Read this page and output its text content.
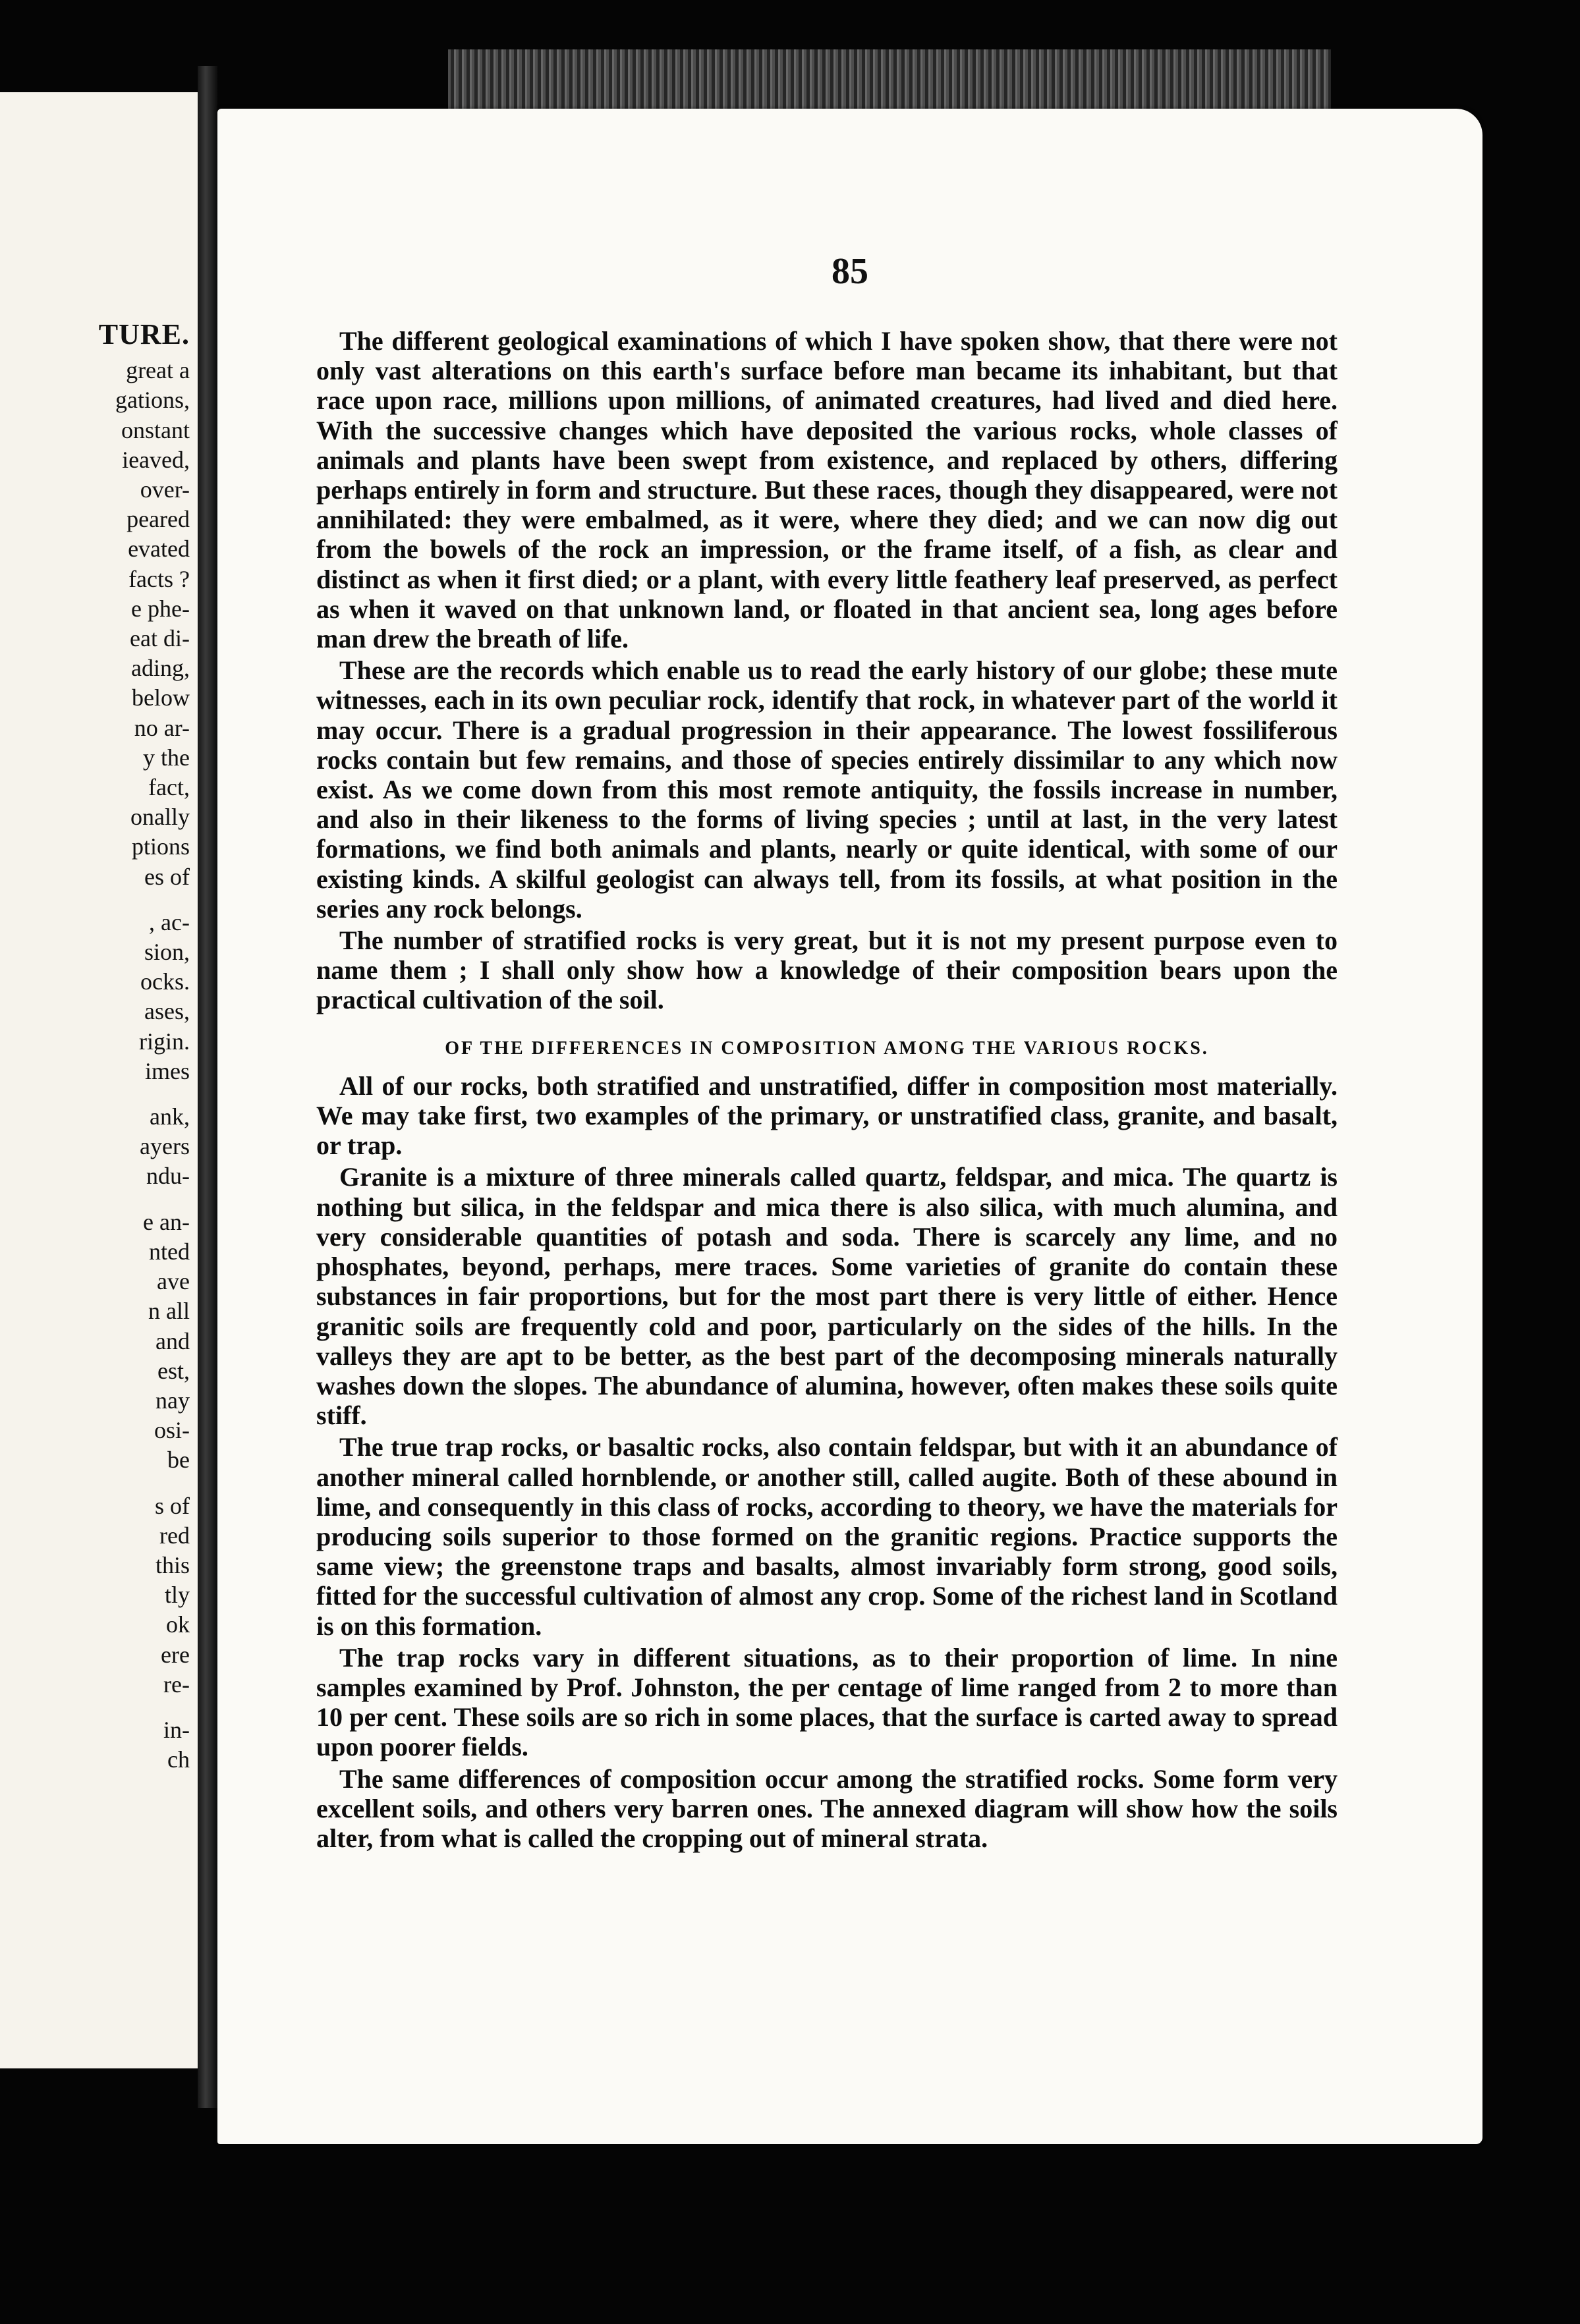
TURE.
great a
gations,
onstant
ieaved,
over-
peared
evated
facts ?
e phe-
eat di-
ading,
below
no ar-
y the
fact,
onally
ptions
es of
, ac-
sion,
ocks.
ases,
rigin.
imes
ank,
ayers
ndu-
e an-
nted
ave
n all
and
est,
nay
osi-
be
s of
red
this
tly
ok
ere
re-
in-
ch
85

The different geological examinations of which I have spoken show, that there were not only vast alterations on this earth's surface before man became its inhabitant, but that race upon race, millions upon millions, of animated creatures, had lived and died here. With the successive changes which have deposited the various rocks, whole classes of animals and plants have been swept from existence, and replaced by others, differing perhaps entirely in form and structure. But these races, though they disappeared, were not annihilated: they were embalmed, as it were, where they died; and we can now dig out from the bowels of the rock an impression, or the frame itself, of a fish, as clear and distinct as when it first died; or a plant, with every little feathery leaf preserved, as perfect as when it waved on that unknown land, or floated in that ancient sea, long ages before man drew the breath of life.

These are the records which enable us to read the early history of our globe; these mute witnesses, each in its own peculiar rock, identify that rock, in whatever part of the world it may occur. There is a gradual progression in their appearance. The lowest fossiliferous rocks contain but few remains, and those of species entirely dissimilar to any which now exist. As we come down from this most remote antiquity, the fossils increase in number, and also in their likeness to the forms of living species ; until at last, in the very latest formations, we find both animals and plants, nearly or quite identical, with some of our existing kinds. A skilful geologist can always tell, from its fossils, at what position in the series any rock belongs.

The number of stratified rocks is very great, but it is not my present purpose even to name them ; I shall only show how a knowledge of their composition bears upon the practical cultivation of the soil.

OF THE DIFFERENCES IN COMPOSITION AMONG THE VARIOUS ROCKS.

All of our rocks, both stratified and unstratified, differ in composition most materially. We may take first, two examples of the primary, or unstratified class, granite, and basalt, or trap.

Granite is a mixture of three minerals called quartz, feldspar, and mica. The quartz is nothing but silica, in the feldspar and mica there is also silica, with much alumina, and very considerable quantities of potash and soda. There is scarcely any lime, and no phosphates, beyond, perhaps, mere traces. Some varieties of granite do contain these substances in fair proportions, but for the most part there is very little of either. Hence granitic soils are frequently cold and poor, particularly on the sides of the hills. In the valleys they are apt to be better, as the best part of the decomposing minerals naturally washes down the slopes. The abundance of alumina, however, often makes these soils quite stiff.

The true trap rocks, or basaltic rocks, also contain feldspar, but with it an abundance of another mineral called hornblende, or another still, called augite. Both of these abound in lime, and consequently in this class of rocks, according to theory, we have the materials for producing soils superior to those formed on the granitic regions. Practice supports the same view; the greenstone traps and basalts, almost invariably form strong, good soils, fitted for the successful cultivation of almost any crop. Some of the richest land in Scotland is on this formation.

The trap rocks vary in different situations, as to their proportion of lime. In nine samples examined by Prof. Johnston, the per centage of lime ranged from 2 to more than 10 per cent. These soils are so rich in some places, that the surface is carted away to spread upon poorer fields.

The same differences of composition occur among the stratified rocks. Some form very excellent soils, and others very barren ones. The annexed diagram will show how the soils alter, from what is called the cropping out of mineral strata.
